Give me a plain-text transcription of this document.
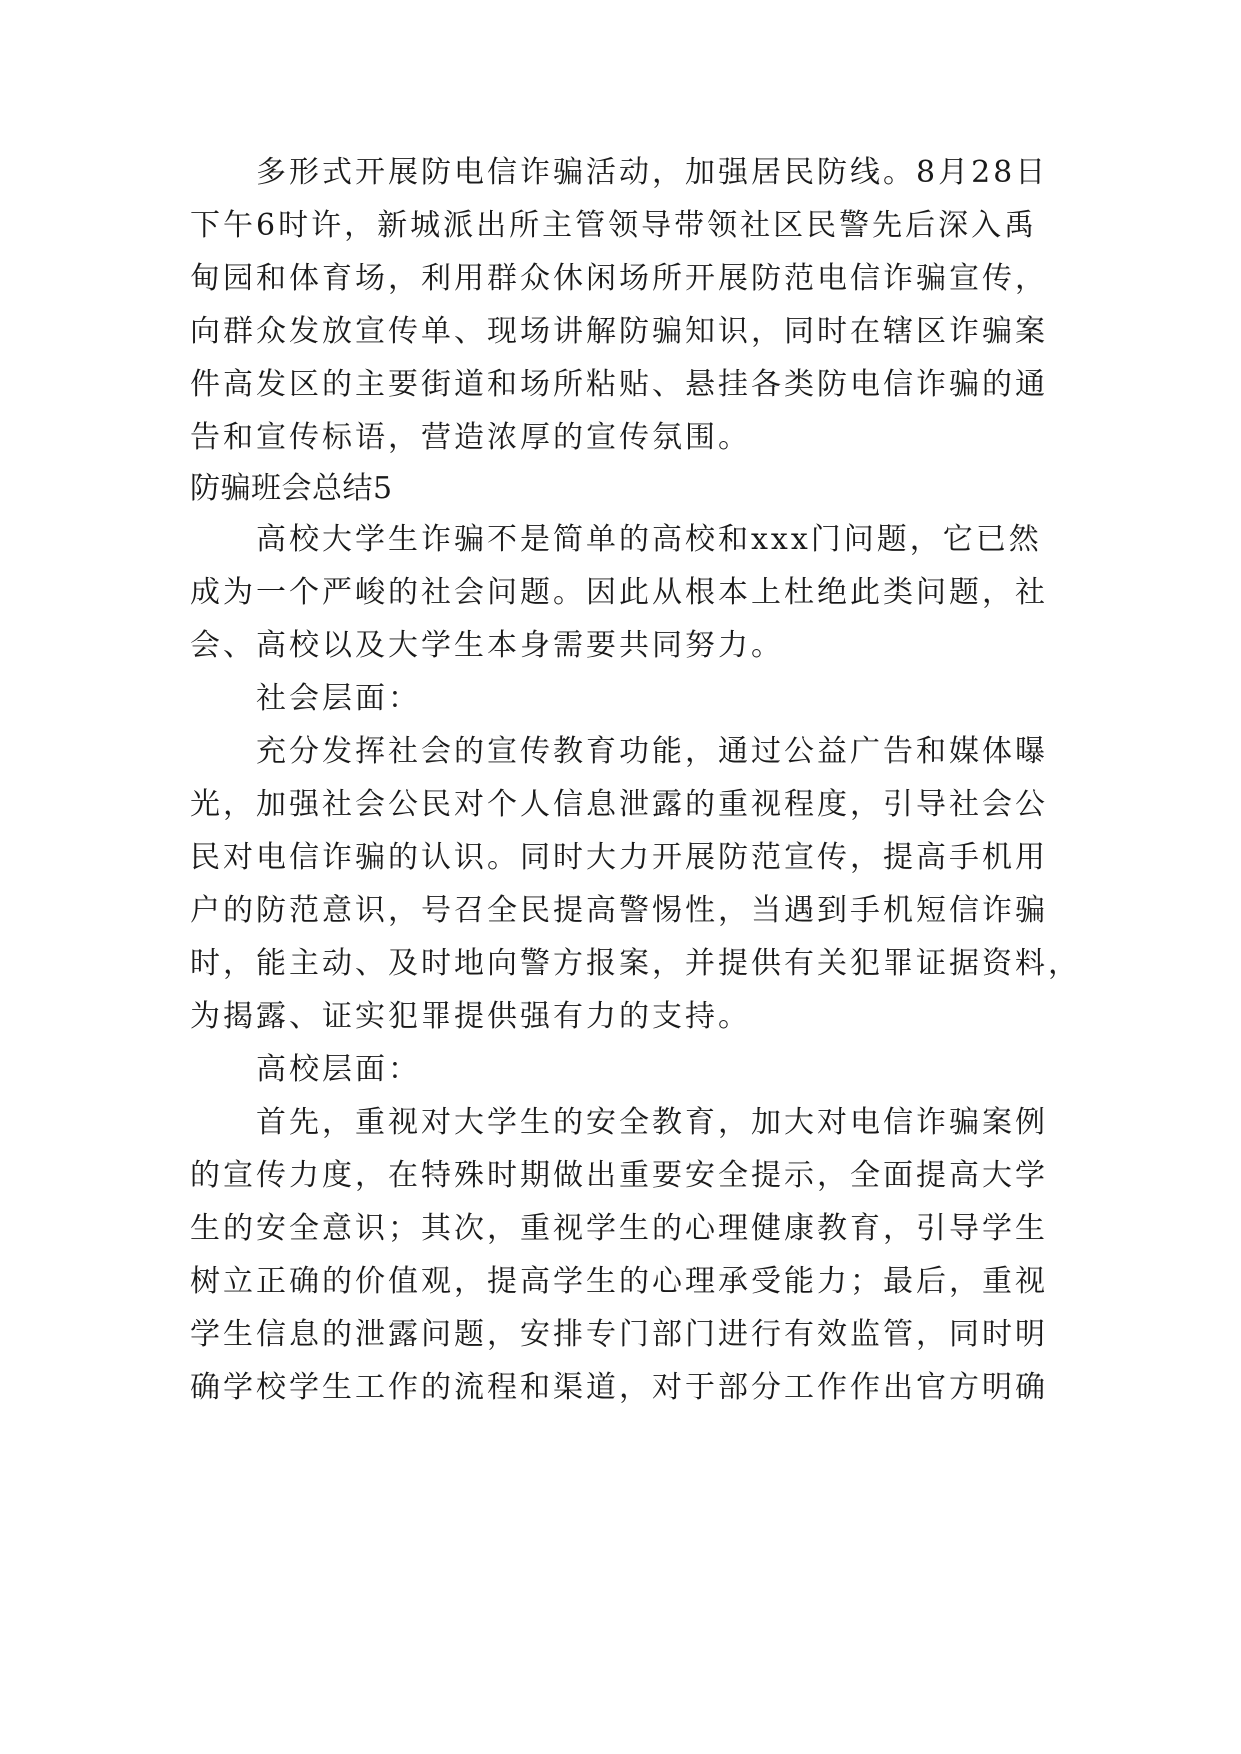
　　多形式开展防电信诈骗活动，加强居民防线。8月28日
下午6时许，新城派出所主管领导带领社区民警先后深入禹
甸园和体育场，利用群众休闲场所开展防范电信诈骗宣传，
向群众发放宣传单、现场讲解防骗知识，同时在辖区诈骗案
件高发区的主要街道和场所粘贴、悬挂各类防电信诈骗的通
告和宣传标语，营造浓厚的宣传氛围。
防骗班会总结5
　　高校大学生诈骗不是简单的高校和xxx门问题，它已然
成为一个严峻的社会问题。因此从根本上杜绝此类问题，社
会、高校以及大学生本身需要共同努力。
　　社会层面：
　　充分发挥社会的宣传教育功能，通过公益广告和媒体曝
光，加强社会公民对个人信息泄露的重视程度，引导社会公
民对电信诈骗的认识。同时大力开展防范宣传，提高手机用
户的防范意识，号召全民提高警惕性，当遇到手机短信诈骗
时，能主动、及时地向警方报案，并提供有关犯罪证据资料，
为揭露、证实犯罪提供强有力的支持。
　　高校层面：
　　首先，重视对大学生的安全教育，加大对电信诈骗案例
的宣传力度，在特殊时期做出重要安全提示，全面提高大学
生的安全意识；其次，重视学生的心理健康教育，引导学生
树立正确的价值观，提高学生的心理承受能力；最后，重视
学生信息的泄露问题，安排专门部门进行有效监管，同时明
确学校学生工作的流程和渠道，对于部分工作作出官方明确
